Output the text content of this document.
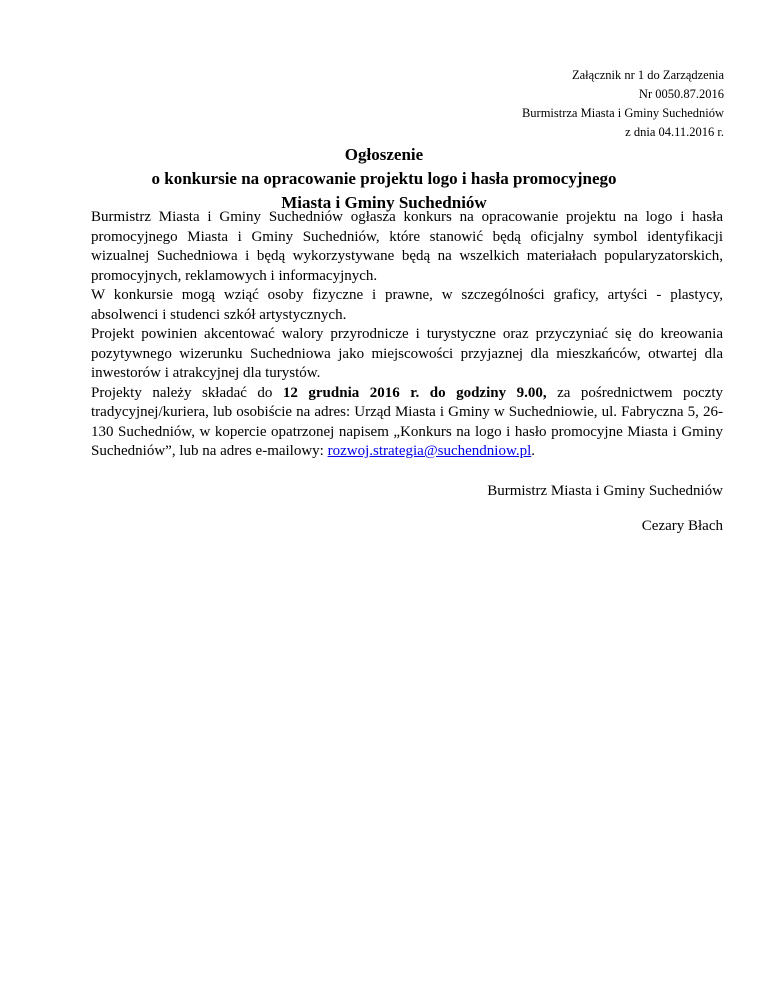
Załącznik nr 1 do Zarządzenia
Nr 0050.87.2016
Burmistrza Miasta i Gminy Suchedniów
z dnia 04.11.2016 r.
Ogłoszenie
o konkursie na opracowanie projektu logo i hasła promocyjnego
Miasta i Gminy Suchedniów

Burmistrz Miasta i Gminy Suchedniów ogłasza konkurs na opracowanie projektu na logo i hasła promocyjnego Miasta i Gminy Suchedniów, które stanowić będą oficjalny symbol identyfikacji wizualnej Suchedniowa i będą wykorzystywane będą na wszelkich materiałach popularyzatorskich, promocyjnych, reklamowych i informacyjnych.

W konkursie mogą wziąć osoby fizyczne i prawne, w szczególności graficy, artyści - plastycy, absolwenci i studenci szkół artystycznych.

Projekt powinien akcentować walory przyrodnicze i turystyczne oraz przyczyniać się do kreowania pozytywnego wizerunku Suchedniowa jako miejscowości przyjaznej dla mieszkańców, otwartej dla inwestorów i atrakcyjnej dla turystów.

Projekty należy składać do 12 grudnia 2016 r. do godziny 9.00, za pośrednictwem poczty tradycyjnej/kuriera, lub osobiście na adres: Urząd Miasta i Gminy w Suchedniowie, ul. Fabryczna 5, 26-130 Suchedniów, w kopercie opatrzonej napisem „Konkurs na logo i hasło promocyjne Miasta i Gminy Suchedniów”, lub na adres e-mailowy: rozwoj.strategia@suchendniow.pl.

Burmistrz Miasta i Gminy Suchedniów
Cezary Błach
